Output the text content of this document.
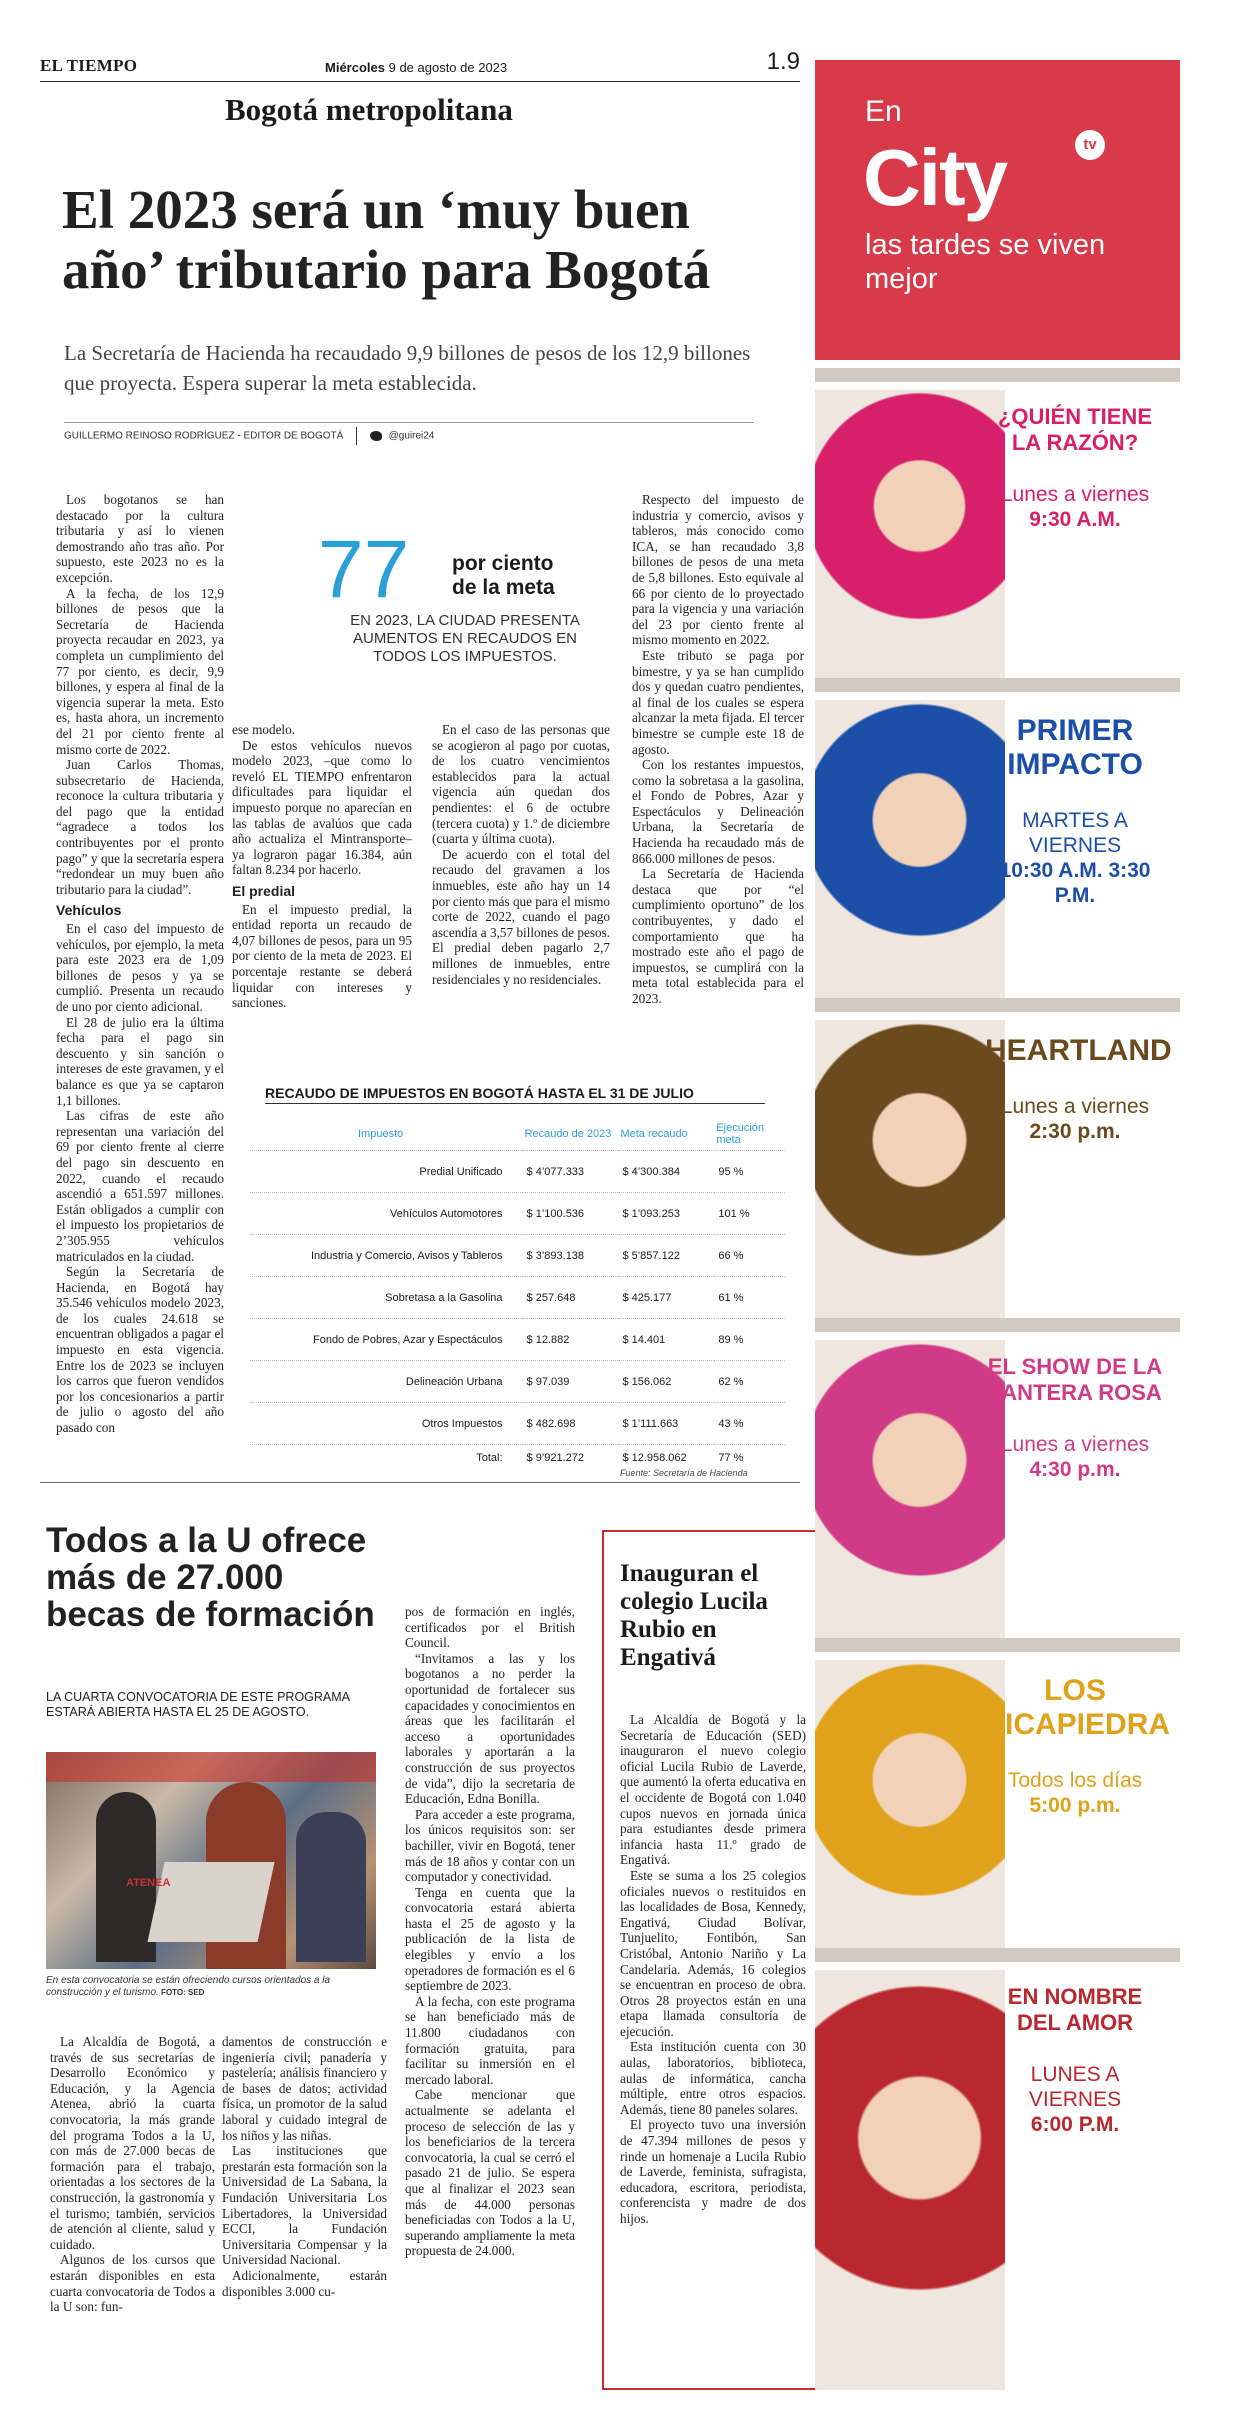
EL TIEMPO	Miércoles 9 de agosto de 2023	1.9
Bogotá metropolitana
El 2023 será un ‘muy buen año’ tributario para Bogotá
La Secretaría de Hacienda ha recaudado 9,9 billones de pesos de los 12,9 billones que proyecta. Espera superar la meta establecida.
GUILLERMO REINOSO RODRÍGUEZ - EDITOR DE BOGOTÁ	@guirei24

Los bogotanos se han destacado por la cultura tributaria y así lo vienen demostrando año tras año. Por supuesto, este 2023 no es la excepción.

A la fecha, de los 12,9 billones de pesos que la Secretaría de Hacienda proyecta recaudar en 2023, ya completa un cumplimiento del 77 por ciento, es decir, 9,9 billones, y espera al final de la vigencia superar la meta. Esto es, hasta ahora, un incremento del 21 por ciento frente al mismo corte de 2022.

Juan Carlos Thomas, subsecretario de Hacienda, reconoce la cultura tributaria y del pago que la entidad “agradece a todos los contribuyentes por el pronto pago” y que la secretaría espera “redondear un muy buen año tributario para la ciudad”.

Vehículos

En el caso del impuesto de vehículos, por ejemplo, la meta para este 2023 era de 1,09 billones de pesos y ya se cumplió. Presenta un recaudo de uno por ciento adicional.

El 28 de julio era la última fecha para el pago sin descuento y sin sanción o intereses de este gravamen, y el balance es que ya se captaron 1,1 billones.

Las cifras de este año representan una variación del 69 por ciento frente al cierre del pago sin descuento en 2022, cuando el recaudo ascendió a 651.597 millones. Están obligados a cumplir con el impuesto los propietarios de 2’305.955 vehículos matriculados en la ciudad.

Según la Secretaría de Hacienda, en Bogotá hay 35.546 vehículos modelo 2023, de los cuales 24.618 se encuentran obligados a pagar el impuesto en esta vigencia. Entre los de 2023 se incluyen los carros que fueron vendidos por los concesionarios a partir de julio o agosto del año pasado con

77 por ciento
de la meta
EN 2023, LA CIUDAD PRESENTA AUMENTOS EN RECAUDOS EN TODOS LOS IMPUESTOS.

ese modelo.

De estos vehículos nuevos modelo 2023, –que como lo reveló EL TIEMPO enfrentaron dificultades para liquidar el impuesto porque no aparecían en las tablas de avalúos que cada año actualiza el Mintransporte– ya lograron pagar 16.384, aún faltan 8.234 por hacerlo.

El predial

En el impuesto predial, la entidad reporta un recaudo de 4,07 billones de pesos, para un 95 por ciento de la meta de 2023. El porcentaje restante se deberá liquidar con intereses y sanciones.

En el caso de las personas que se acogieron al pago por cuotas, de los cuatro vencimientos establecidos para la actual vigencia aún quedan dos pendientes: el 6 de octubre (tercera cuota) y 1.º de diciembre (cuarta y última cuota).

De acuerdo con el total del recaudo del gravamen a los inmuebles, este año hay un 14 por ciento más que para el mismo corte de 2022, cuando el pago ascendía a 3,57 billones de pesos. El predial deben pagarlo 2,7 millones de inmuebles, entre residenciales y no residenciales.

Respecto del impuesto de industria y comercio, avisos y tableros, más conocido como ICA, se han recaudado 3,8 billones de pesos de una meta de 5,8 billones. Esto equivale al 66 por ciento de lo proyectado para la vigencia y una variación del 23 por ciento frente al mismo momento en 2022.

Este tributo se paga por bimestre, y ya se han cumplido dos y quedan cuatro pendientes, al final de los cuales se espera alcanzar la meta fijada. El tercer bimestre se cumple este 18 de agosto.

Con los restantes impuestos, como la sobretasa a la gasolina, el Fondo de Pobres, Azar y Espectáculos y Delineación Urbana, la Secretaría de Hacienda ha recaudado más de 866.000 millones de pesos.

La Secretaría de Hacienda destaca que por “el cumplimiento oportuno” de los contribuyentes, y dado el comportamiento que ha mostrado este año el pago de impuestos, se cumplirá con la meta total establecida para el 2023.

RECAUDO DE IMPUESTOS EN BOGOTÁ HASTA EL 31 DE JULIO
Impuesto	Recaudo de 2023	Meta recaudo	Ejecución meta
Predial Unificado	$ 4’077.333	$ 4’300.384	95 %
Vehículos Automotores	$ 1’100.536	$ 1’093.253	101 %
Industria y Comercio, Avisos y Tableros	$ 3’893.138	$ 5’857.122	66 %
Sobretasa a la Gasolina	$ 257.648	$ 425.177	61 %
Fondo de Pobres, Azar y Espectáculos	$ 12.882	$ 14.401	89 %
Delineación Urbana	$ 97.039	$ 156.062	62 %
Otros Impuestos	$ 482.698	$ 1’111.663	43 %
Total:	$ 9’921.272	$ 12.958.062	77 %
Fuente: Secretaría de Hacienda
Todos a la U ofrece más de 27.000 becas de formación
LA CUARTA CONVOCATORIA DE ESTE PROGRAMA ESTARÁ ABIERTA HASTA EL 25 DE AGOSTO.
ATENEA
En esta convocatoria se están ofreciendo cursos orientados a la construcción y el turismo. FOTO: SED

La Alcaldía de Bogotá, a través de sus secretarías de Desarrollo Económico y Educación, y la Agencia Atenea, abrió la cuarta convocatoria, la más grande del programa Todos a la U, con más de 27.000 becas de formación para el trabajo, orientadas a los sectores de la construcción, la gastronomía y el turismo; también, servicios de atención al cliente, salud y cuidado.

Algunos de los cursos que estarán disponibles en esta cuarta convocatoria de Todos a la U son: fun-

damentos de construcción e ingeniería civil; panadería y pastelería; análisis financiero y de bases de datos; actividad física, un promotor de la salud laboral y cuidado integral de los niños y las niñas.

Las instituciones que prestarán esta formación son la Universidad de La Sabana, la Fundación Universitaria Los Libertadores, la Universidad ECCI, la Fundación Universitaria Compensar y la Universidad Nacional.

Adicionalmente, estarán disponibles 3.000 cu-

pos de formación en inglés, certificados por el British Council.

“Invitamos a las y los bogotanos a no perder la oportunidad de fortalecer sus capacidades y conocimientos en áreas que les facilitarán el acceso a oportunidades laborales y aportarán a la construcción de sus proyectos de vida”, dijo la secretaria de Educación, Edna Bonilla.

Para acceder a este programa, los únicos requisitos son: ser bachiller, vivir en Bogotá, tener más de 18 años y contar con un computador y conectividad.

Tenga en cuenta que la convocatoria estará abierta hasta el 25 de agosto y la publicación de la lista de elegibles y envío a los operadores de formación es el 6 septiembre de 2023.

A la fecha, con este programa se han beneficiado más de 11.800 ciudadanos con formación gratuita, para facilitar su inmersión en el mercado laboral.

Cabe mencionar que actualmente se adelanta el proceso de selección de las y los beneficiarios de la tercera convocatoria, la cual se cerró el pasado 21 de julio. Se espera que al finalizar el 2023 sean más de 44.000 personas beneficiadas con Todos a la U, superando ampliamente la meta propuesta de 24.000.

Inauguran el colegio Lucila Rubio en Engativá

La Alcaldía de Bogotá y la Secretaría de Educación (SED) inauguraron el nuevo colegio oficial Lucila Rubio de Laverde, que aumentó la oferta educativa en el occidente de Bogotá con 1.040 cupos nuevos en jornada única para estudiantes desde primera infancia hasta 11.º grado de Engativá.

Este se suma a los 25 colegios oficiales nuevos o restituidos en las localidades de Bosa, Kennedy, Engativá, Ciudad Bolívar, Tunjuelito, Fontibón, San Cristóbal, Antonio Nariño y La Candelaria. Además, 16 colegios se encuentran en proceso de obra. Otros 28 proyectos están en una etapa llamada consultoría de ejecución.

Esta institución cuenta con 30 aulas, laboratorios, biblioteca, aulas de informática, cancha múltiple, entre otros espacios. Además, tiene 80 paneles solares.

El proyecto tuvo una inversión de 47.394 millones de pesos y rinde un homenaje a Lucila Rubio de Laverde, feminista, sufragista, educadora, escritora, periodista, conferencista y madre de dos hijos.

En
City	tv
las tardes se viven mejor
¿QUIÉN TIENE LA RAZÓN?
Lunes a viernes
9:30 A.M.
PRIMER IMPACTO
MARTES A VIERNES
10:30 A.M. 3:30 P.M.
HEARTLAND
Lunes a viernes
2:30 p.m.
EL SHOW DE LA PANTERA ROSA
Lunes a viernes
4:30 p.m.
LOS PICAPIEDRA
Todos los días
5:00 p.m.
EN NOMBRE DEL AMOR
LUNES A VIERNES
6:00 P.M.
